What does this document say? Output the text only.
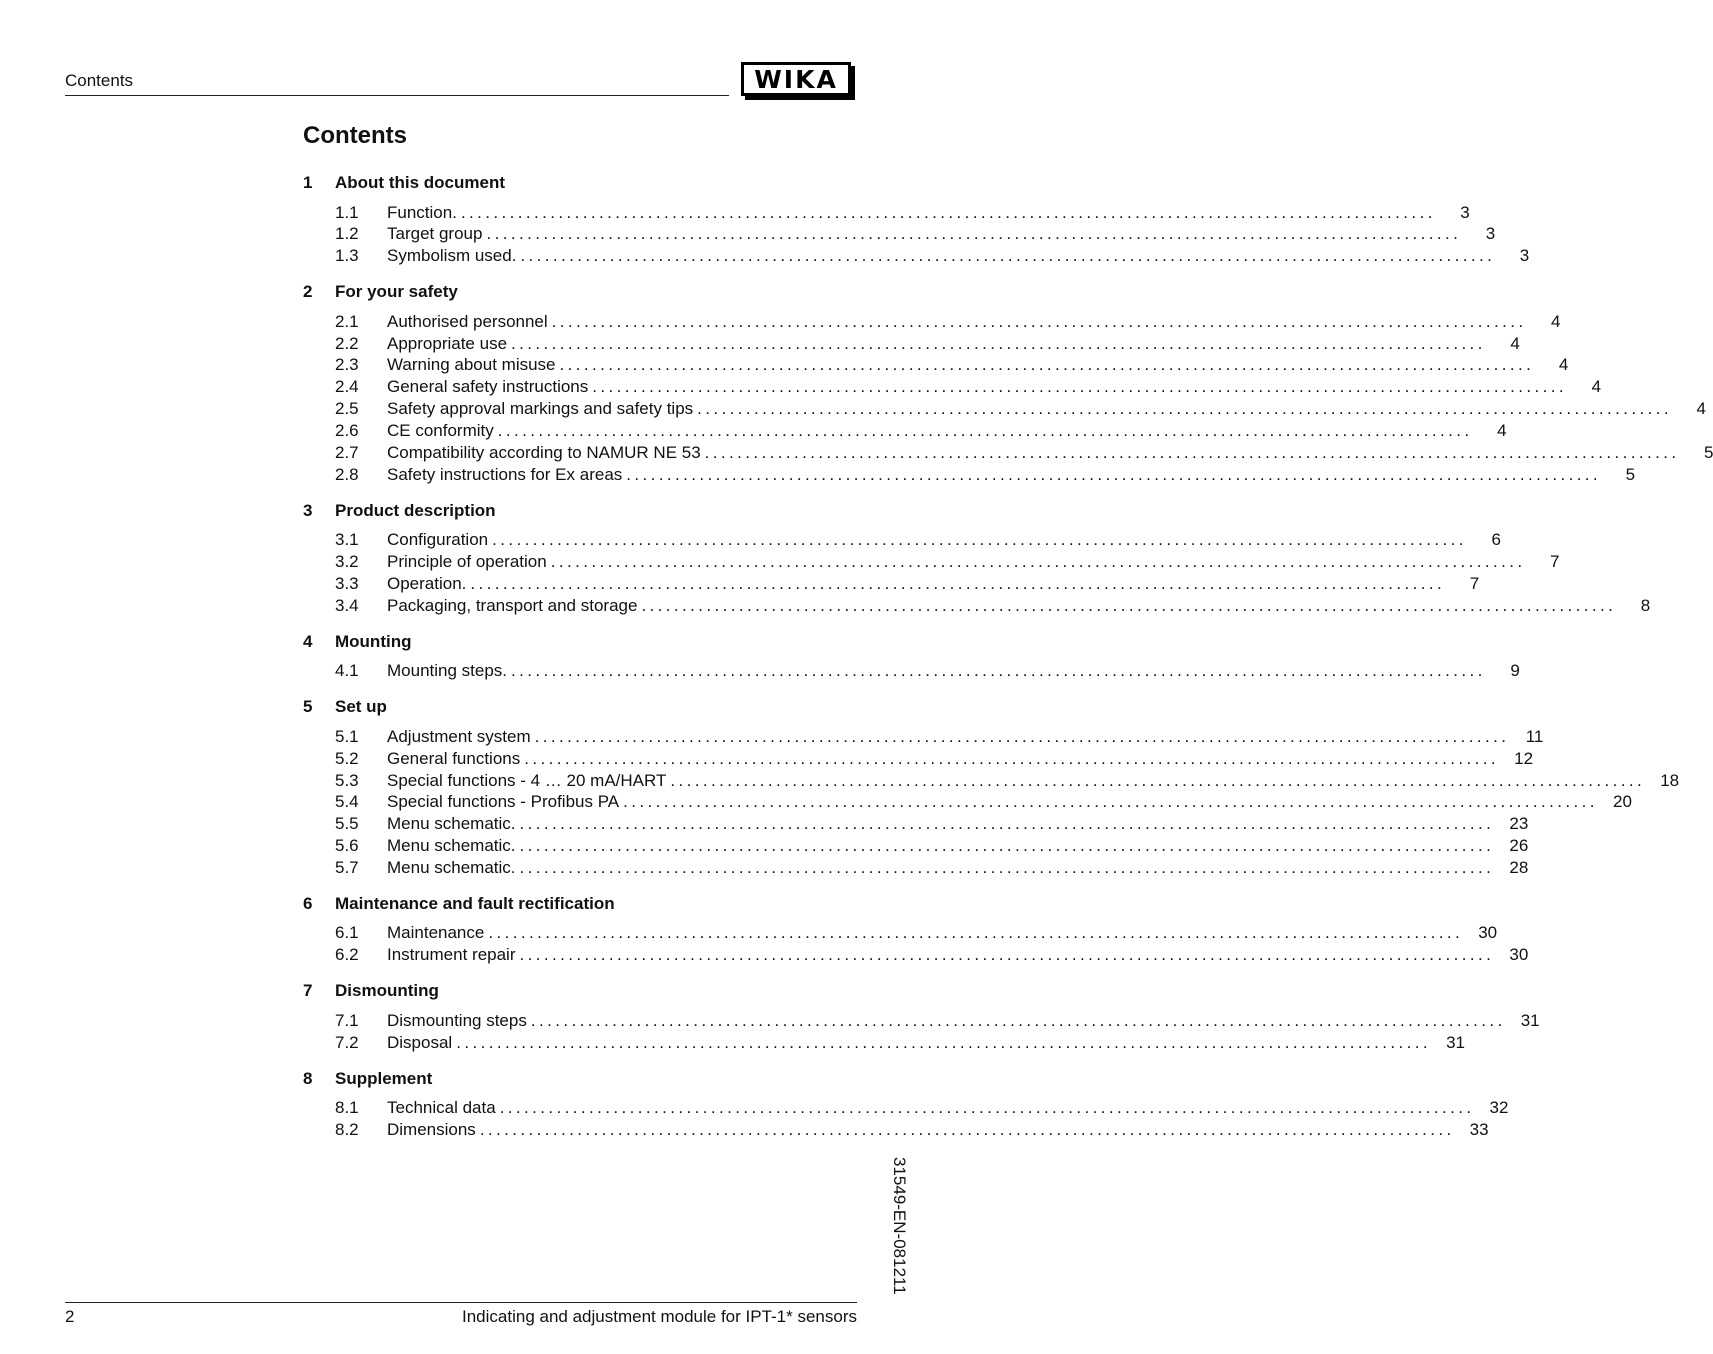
Contents	WIKA
Contents
1	About this document
1.1	Function. ........................................................................................................................	3
1.2	Target group ........................................................................................................................	3
1.3	Symbolism used. ........................................................................................................................	3
2	For your safety
2.1	Authorised personnel ........................................................................................................................	4
2.2	Appropriate use ........................................................................................................................	4
2.3	Warning about misuse ........................................................................................................................	4
2.4	General safety instructions ........................................................................................................................	4
2.5	Safety approval markings and safety tips ........................................................................................................................	4
2.6	CE conformity ........................................................................................................................	4
2.7	Compatibility according to NAMUR NE 53 ........................................................................................................................	5
2.8	Safety instructions for Ex areas ........................................................................................................................	5
3	Product description
3.1	Configuration ........................................................................................................................	6
3.2	Principle of operation ........................................................................................................................	7
3.3	Operation. ........................................................................................................................	7
3.4	Packaging, transport and storage ........................................................................................................................	8
4	Mounting
4.1	Mounting steps. ........................................................................................................................	9
5	Set up
5.1	Adjustment system ........................................................................................................................ 11
5.2	General functions ........................................................................................................................ 12
5.3	Special functions - 4 … 20 mA/HART ........................................................................................................................ 18
5.4	Special functions - Profibus PA ........................................................................................................................ 20
5.5	Menu schematic. ........................................................................................................................ 23
5.6	Menu schematic. ........................................................................................................................ 26
5.7	Menu schematic. ........................................................................................................................ 28
6	Maintenance and fault rectification
6.1	Maintenance ........................................................................................................................ 30
6.2	Instrument repair ........................................................................................................................ 30
7	Dismounting
7.1	Dismounting steps ........................................................................................................................ 31
7.2	Disposal ........................................................................................................................ 31
8	Supplement
8.1	Technical data ........................................................................................................................ 32
8.2	Dimensions ........................................................................................................................ 33
31549-EN-081211
2	Indicating and adjustment module for IPT-1* sensors
